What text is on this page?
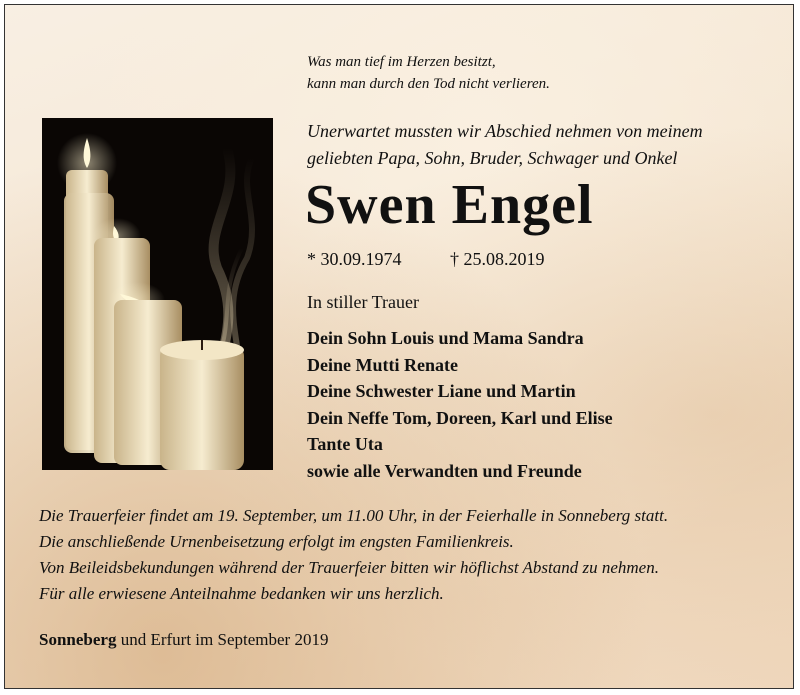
Was man tief im Herzen besitzt,
kann man durch den Tod nicht verlieren.
Unerwartet mussten wir Abschied nehmen von meinem
geliebten Papa, Sohn, Bruder, Schwager und Onkel
Swen Engel
* 30.09.1974	† 25.08.2019
In stiller Trauer
Dein Sohn Louis und Mama Sandra
Deine Mutti Renate
Deine Schwester Liane und Martin
Dein Neffe Tom, Doreen, Karl und Elise
Tante Uta
sowie alle Verwandten und Freunde
Die Trauerfeier findet am 19. September, um 11.00 Uhr, in der Feierhalle in Sonneberg statt.
Die anschließende Urnenbeisetzung erfolgt im engsten Familienkreis.
Von Beileidsbekundungen während der Trauerfeier bitten wir höflichst Abstand zu nehmen.
Für alle erwiesene Anteilnahme bedanken wir uns herzlich.
Sonneberg und Erfurt im September 2019
